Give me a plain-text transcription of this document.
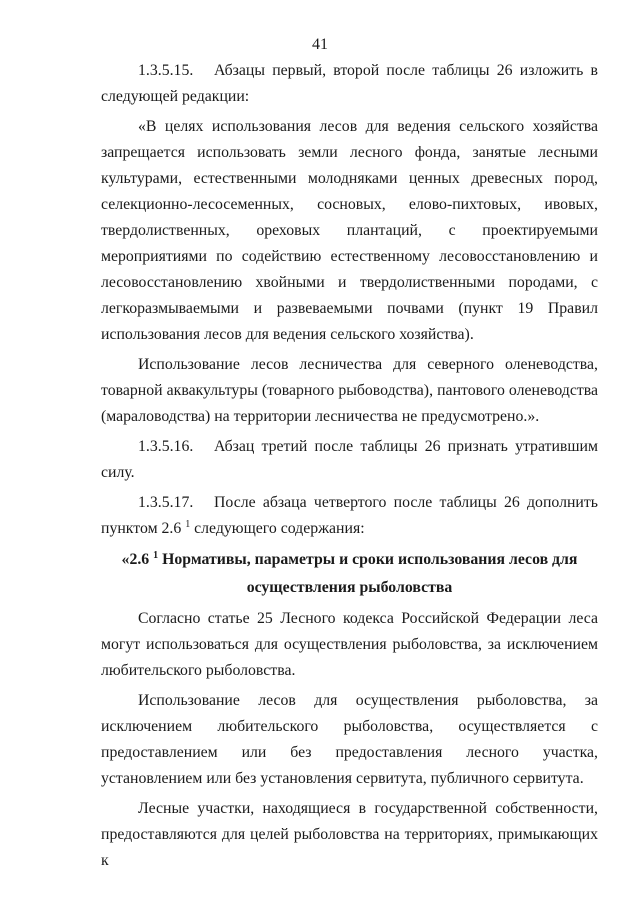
41

1.3.5.15. Абзацы первый, второй после таблицы 26 изложить в следующей редакции:

«В целях использования лесов для ведения сельского хозяйства запрещается использовать земли лесного фонда, занятые лесными культурами, естественными молодняками ценных древесных пород, селекционно-лесосеменных, сосновых, елово-пихтовых, ивовых, твердолиственных, ореховых плантаций, с проектируемыми мероприятиями по содействию естественному лесовосстановлению и лесовосстановлению хвойными и твердолиственными породами, с легкоразмываемыми и развеваемыми почвами (пункт 19 Правил использования лесов для ведения сельского хозяйства).

Использование лесов лесничества для северного оленеводства, товарной аквакультуры (товарного рыбоводства), пантового оленеводства (мараловодства) на территории лесничества не предусмотрено.».

1.3.5.16. Абзац третий после таблицы 26 признать утратившим силу.

1.3.5.17. После абзаца четвертого после таблицы 26 дополнить пунктом 2.6 $^1$ следующего содержания:

«2.6 $^1$ Нормативы, параметры и сроки использования лесов для осуществления рыболовства

Согласно статье 25 Лесного кодекса Российской Федерации леса могут использоваться для осуществления рыболовства, за исключением любительского рыболовства.

Использование лесов для осуществления рыболовства, за исключением любительского рыболовства, осуществляется с предоставлением или без предоставления лесного участка, установлением или без установления сервитута, публичного сервитута.

Лесные участки, находящиеся в государственной собственности, предоставляются для целей рыболовства на территориях, примыкающих к
